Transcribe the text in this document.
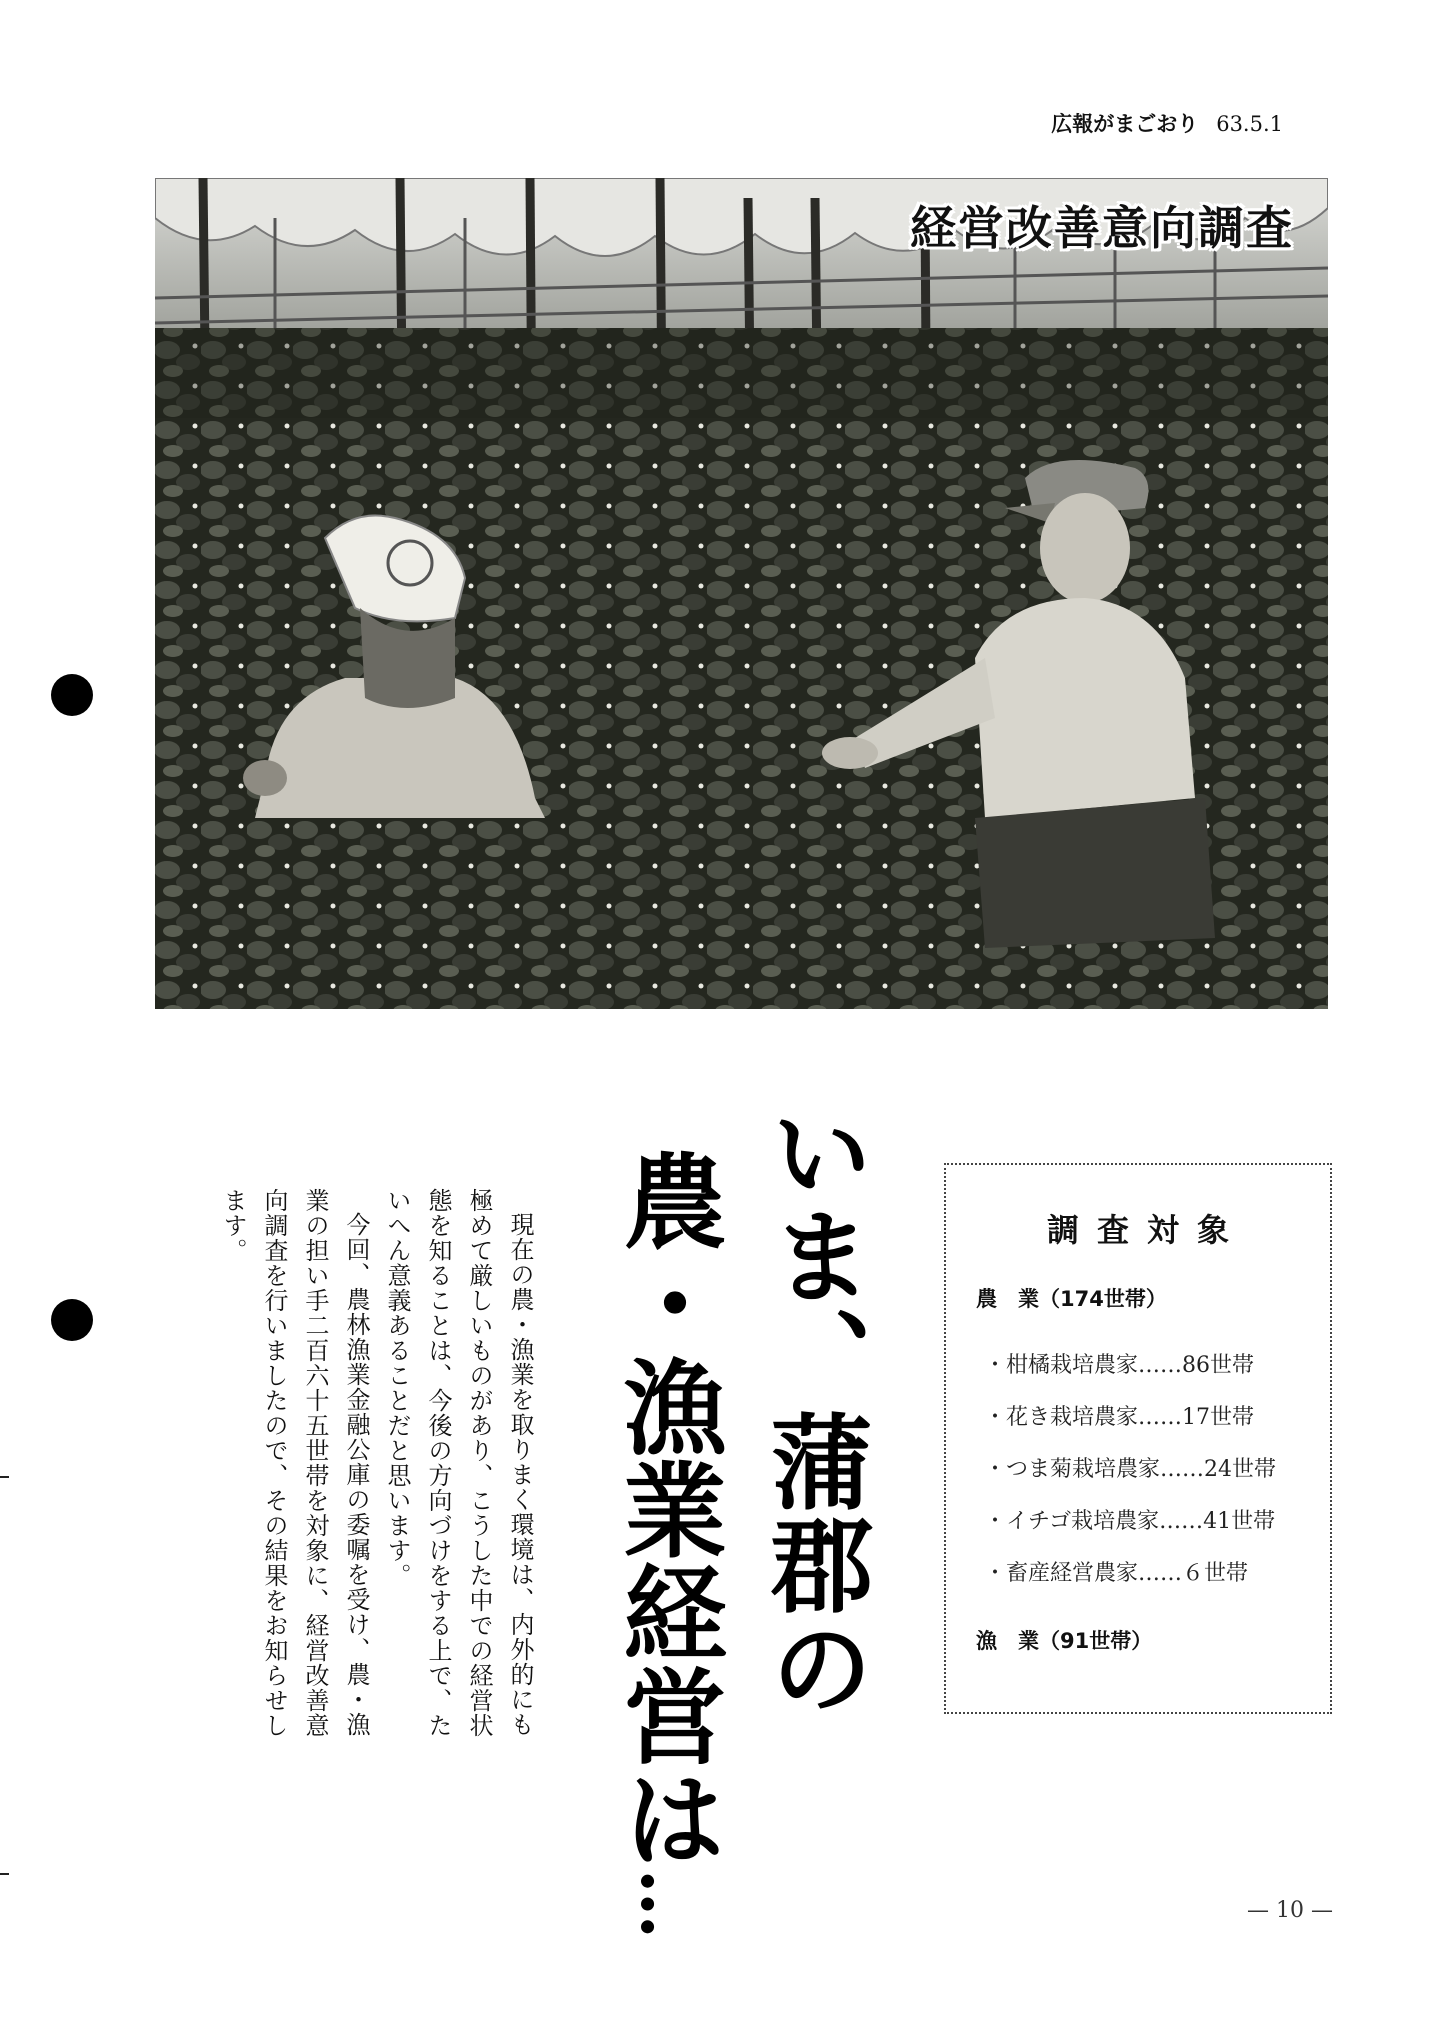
広報がまごおり 63.5.1
経営改善意向調査
いま、蒲郡の
農・漁業経営は…

現在の農・漁業を取りまく環境は、内外的にも極めて厳しいものがあり、こうした中での経営状態を知ることは、今後の方向づけをする上で、たいへん意義あることだと思います。

今回、農林漁業金融公庫の委嘱を受け、農・漁業の担い手二百六十五世帯を対象に、経営改善意向調査を行いましたので、その結果をお知らせします。	調査対象
農　業（174世帯）
・柑橘栽培農家……86世帯
・花き栽培農家……17世帯
・つま菊栽培農家……24世帯
・イチゴ栽培農家……41世帯
・畜産経営農家……６世帯
漁　業（91世帯）
— 10 —
